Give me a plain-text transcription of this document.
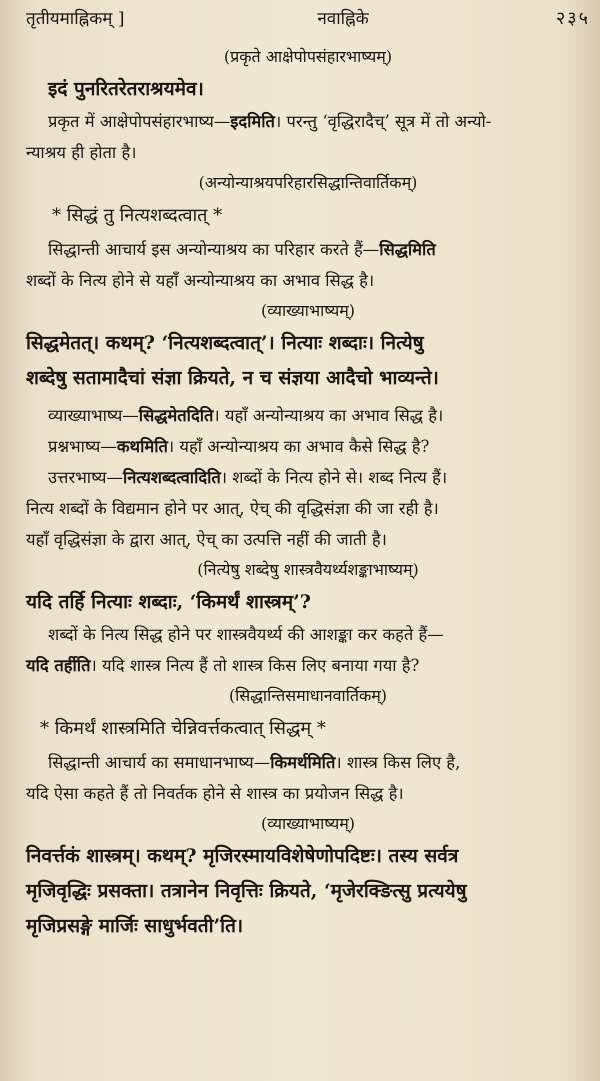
तृतीयमाह्निकम् ]	नवाह्निके	२३५

(प्रकृते आक्षेपोपसंहारभाष्यम्)

इदं पुनरितरेतराश्रयमेव।

प्रकृत में आक्षेपोपसंहारभाष्य—इदमिति। परन्तु ‘वृद्धिरादैच्’ सूत्र में तो अन्यो-
न्याश्रय ही होता है।

(अन्योन्याश्रयपरिहारसिद्धान्तिवार्तिकम्)

* सिद्धं तु नित्यशब्दत्वात् *

सिद्धान्ती आचार्य इस अन्योन्याश्रय का परिहार करते हैं—सिद्धमिति
शब्दों के नित्य होने से यहाँ अन्योन्याश्रय का अभाव सिद्ध है।

(व्याख्याभाष्यम्)

सिद्धमेतत्। कथम्? ‘नित्यशब्दत्वात्’। नित्याः शब्दाः। नित्येषु
शब्देषु सतामादैचां संज्ञा क्रियते, न च संज्ञया आदैचो भाव्यन्ते।

व्याख्याभाष्य—सिद्धमेतदिति। यहाँ अन्योन्याश्रय का अभाव सिद्ध है।

प्रश्नभाष्य—कथमिति। यहाँ अन्योन्याश्रय का अभाव कैसे सिद्ध है?

उत्तरभाष्य—नित्यशब्दत्वादिति। शब्दों के नित्य होने से। शब्द नित्य हैं।
नित्य शब्दों के विद्यमान होने पर आत्, ऐच् की वृद्धिसंज्ञा की जा रही है।
यहाँ वृद्धिसंज्ञा के द्वारा आत्, ऐच् का उत्पत्ति नहीं की जाती है।

(नित्येषु शब्देषु शास्त्रवैयर्थ्यशङ्काभाष्यम्)

यदि तर्हि नित्याः शब्दाः, ‘किमर्थं शास्त्रम्’?

शब्दों के नित्य सिद्ध होने पर शास्त्रवैयर्थ्य की आशङ्का कर कहते हैं—
यदि तर्हीति। यदि शास्त्र नित्य हैं तो शास्त्र किस लिए बनाया गया है?

(सिद्धान्तिसमाधानवार्तिकम्)

* किमर्थं शास्त्रमिति चेन्निवर्त्तकत्वात् सिद्धम् *

सिद्धान्ती आचार्य का समाधानभाष्य—किमर्थमिति। शास्त्र किस लिए है,
यदि ऐसा कहते हैं तो निवर्तक होने से शास्त्र का प्रयोजन सिद्ध है।

(व्याख्याभाष्यम्)

निवर्त्तकं शास्त्रम्। कथम्? मृजिरस्मायविशेषेणोपदिष्टः। तस्य सर्वत्र
मृजिवृद्धिः प्रसक्ता। तत्रानेन निवृत्तिः क्रियते, ‘मृजेरक्ङित्सु प्रत्ययेषु
मृजिप्रसङ्गे मार्जिः साधुर्भवती’ति।
